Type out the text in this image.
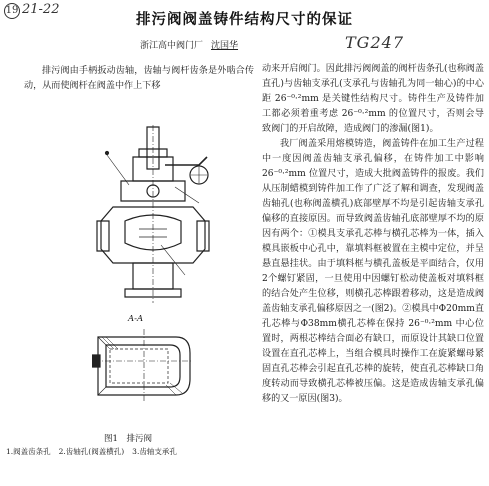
19 21-22
排污阀阀盖铸件结构尺寸的保证
浙江高中阀门厂 沈国华	TG247
排污阀由手柄扳动齿轴，齿轴与阀杆齿条是外啮合传动，从而使阀杆在阀盖中作上下移
A-A
图1　排污阀
1.阀盖齿条孔 2.齿轴孔(阀盖横孔) 3.齿轴支承孔

动来开启阀门。因此排污阀阀盖的阀杆齿条孔(也称阀盖直孔)与齿轴支承孔(支承孔与齿轴孔为同一轴心)的中心距 26⁻⁰·²mm 是关键性结构尺寸。铸件生产及铸件加工都必须着重考虑 26⁻⁰·²mm 的位置尺寸，否则会导致阀门的开启故障，造成阀门的渗漏(图1)。

我厂阀盖采用熔模铸造，阀盖铸件在加工生产过程中一度因阀盖齿轴支承孔偏移，在铸件加工中影响 26⁻⁰·²mm 位置尺寸，造成大批阀盖铸件的报废。我们从压制蜡模到铸件加工作了广泛了解和调查，发现阀盖齿轴孔(也称阀盖横孔)底部壁厚不均是引起齿轴支承孔偏移的直接原因。而导致阀盖齿轴孔底部壁厚不均的原因有两个：①模具支承孔芯棒与横孔芯棒为一体，插入模具嵌板中心孔中，靠填料框被置在主模中定位，并呈悬直悬挂状。由于填料框与横孔盖板是平面结合，仅用2个螺钉紧固，一旦使用中因螺钉松动使盖板对填料框的结合处产生位移，则横孔芯棒跟着移动，这是造成阀盖齿轴支承孔偏移原因之一(图2)。②模具中Φ20mm直孔芯棒与Φ38mm横孔芯棒在保持 26⁻⁰·²mm 中心位置时，两根芯棒结合面必有缺口，而原设计其缺口位置设置在直孔芯棒上，当组合模具时操作工在旋紧螺母紧固直孔芯棒会引起直孔芯棒的旋转，使直孔芯棒缺口角度转动而导致横孔芯棒被压偏。这是造成齿轴支承孔偏移的又一原因(图3)。
